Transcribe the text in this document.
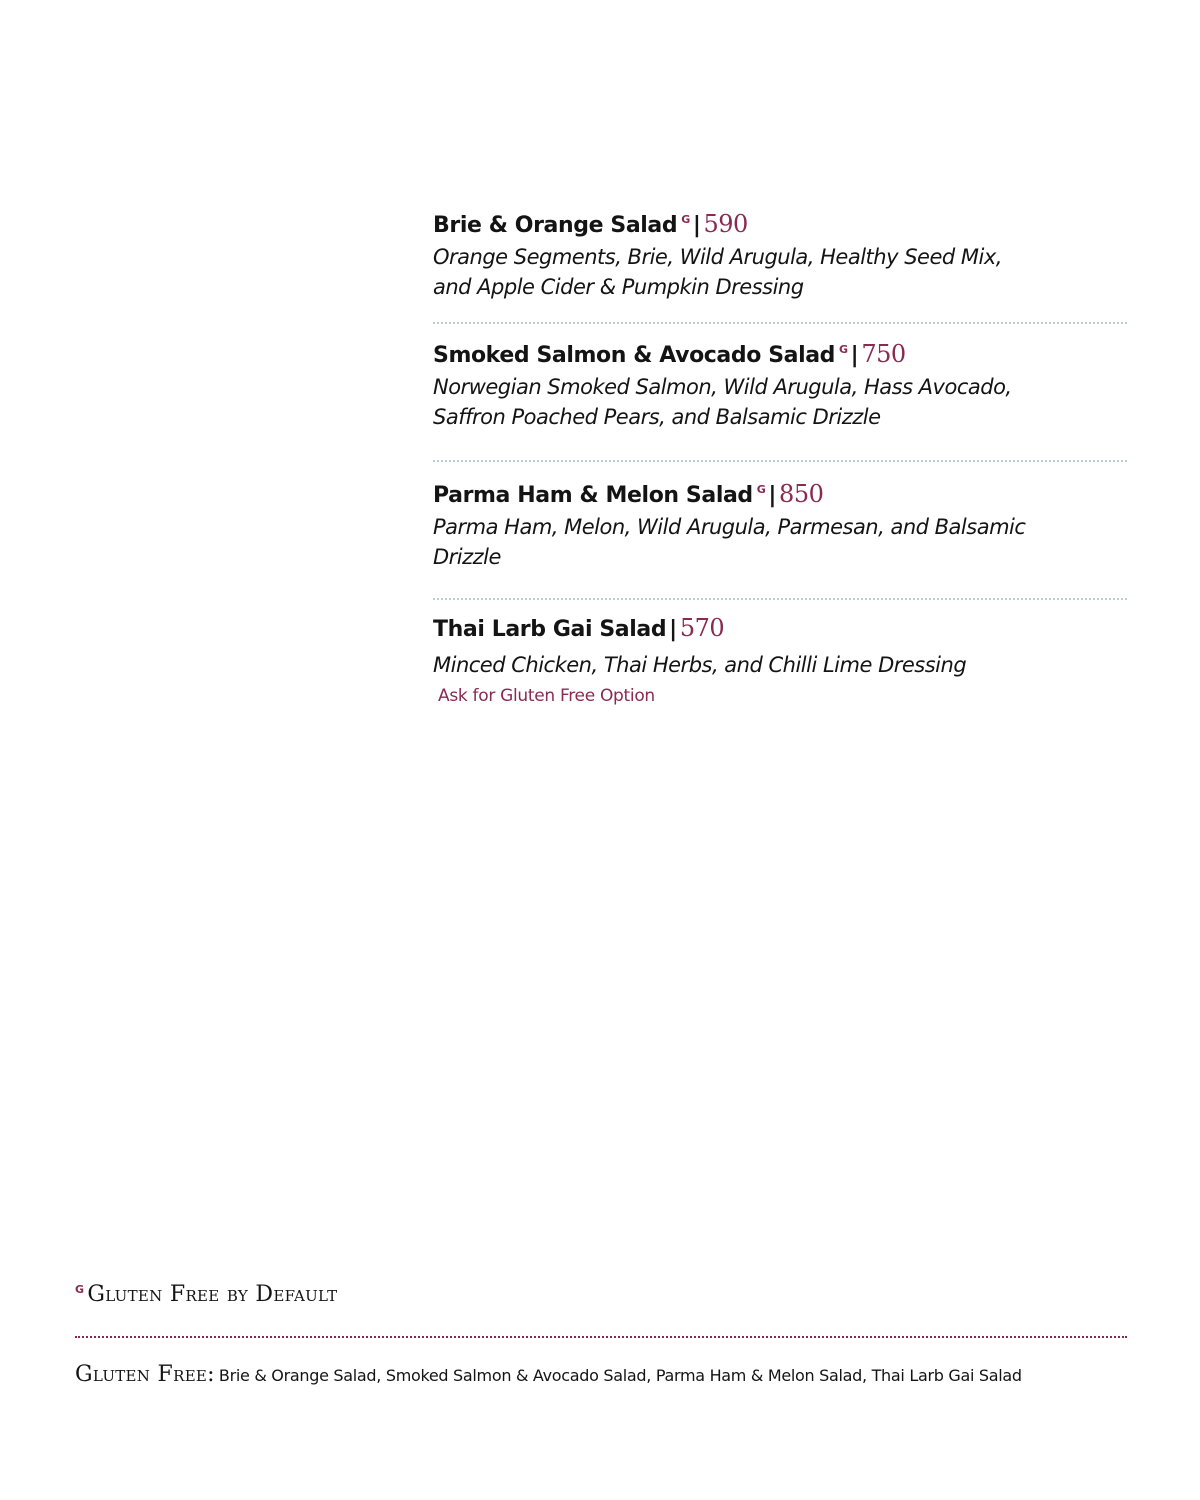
Brie & Orange Salad $^G$ | 590
Orange Segments, Brie, Wild Arugula, Healthy Seed Mix, and Apple Cider & Pumpkin Dressing
Smoked Salmon & Avocado Salad $^G$ | 750
Norwegian Smoked Salmon, Wild Arugula, Hass Avocado, Saffron Poached Pears, and Balsamic Drizzle
Parma Ham & Melon Salad $^G$ | 850
Parma Ham, Melon, Wild Arugula, Parmesan, and Balsamic Drizzle
Thai Larb Gai Salad | 570
Minced Chicken, Thai Herbs, and Chilli Lime Dressing
Ask for Gluten Free Option
$^G$ Gluten Free by Default
Gluten Free: Brie & Orange Salad, Smoked Salmon & Avocado Salad, Parma Ham & Melon Salad, Thai Larb Gai Salad
